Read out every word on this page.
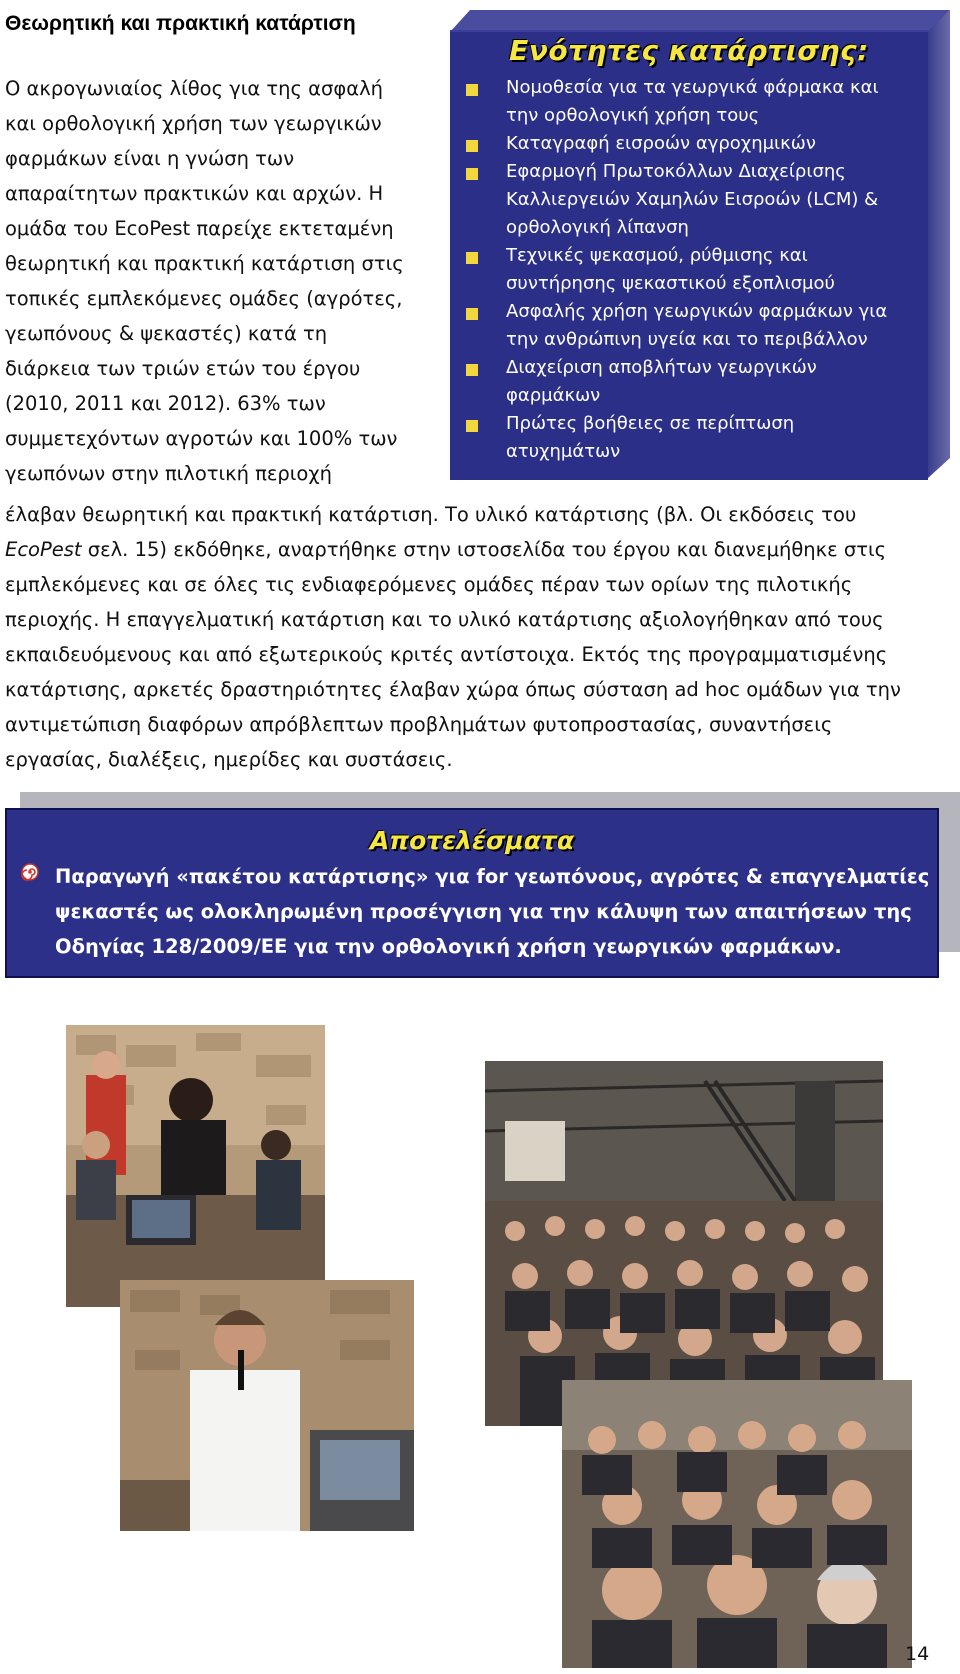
Θεωρητική και πρακτική κατάρτιση
Ο ακρογωνιαίος λίθος για της ασφαλή
και ορθολογική χρήση των γεωργικών
φαρμάκων είναι η γνώση των
απαραίτητων πρακτικών και αρχών. Η
ομάδα του EcoPest παρείχε εκτεταμένη
θεωρητική και πρακτική κατάρτιση στις
τοπικές εμπλεκόμενες ομάδες (αγρότες,
γεωπόνους & ψεκαστές) κατά τη
διάρκεια των τριών ετών του έργου
(2010, 2011 και 2012). 63% των
συμμετεχόντων αγροτών και 100% των
γεωπόνων στην πιλοτική περιοχή
Ενότητες κατάρτισης:
Νομοθεσία για τα γεωργικά φάρμακα και
την ορθολογική χρήση τους
Καταγραφή εισροών αγροχημικών
Εφαρμογή Πρωτοκόλλων Διαχείρισης
Καλλιεργειών Χαμηλών Εισροών (LCM) &
ορθολογική λίπανση
Τεχνικές ψεκασμού, ρύθμισης και
συντήρησης ψεκαστικού εξοπλισμού
Ασφαλής χρήση γεωργικών φαρμάκων για
την ανθρώπινη υγεία και το περιβάλλον
Διαχείριση αποβλήτων γεωργικών
φαρμάκων
Πρώτες βοήθειες σε περίπτωση
ατυχημάτων
έλαβαν θεωρητική και πρακτική κατάρτιση. Το υλικό κατάρτισης (βλ. Οι εκδόσεις του
EcoPest σελ. 15) εκδόθηκε, αναρτήθηκε στην ιστοσελίδα του έργου και διανεμήθηκε στις
εμπλεκόμενες και σε όλες τις ενδιαφερόμενες ομάδες πέραν των ορίων της πιλοτικής
περιοχής. Η επαγγελματική κατάρτιση και το υλικό κατάρτισης αξιολογήθηκαν από τους
εκπαιδευόμενους και από εξωτερικούς κριτές αντίστοιχα. Εκτός της προγραμματισμένης
κατάρτισης, αρκετές δραστηριότητες έλαβαν χώρα όπως σύσταση ad hoc ομάδων για την
αντιμετώπιση διαφόρων απρόβλεπτων προβλημάτων φυτοπροστασίας, συναντήσεις
εργασίας, διαλέξεις, ημερίδες και συστάσεις.
Αποτελέσματα
Παραγωγή «πακέτου κατάρτισης» για for γεωπόνους, αγρότες & επαγγελματίες
ψεκαστές ως ολοκληρωμένη προσέγγιση για την κάλυψη των απαιτήσεων της
Οδηγίας 128/2009/ΕΕ για την ορθολογική χρήση γεωργικών φαρμάκων.
14
